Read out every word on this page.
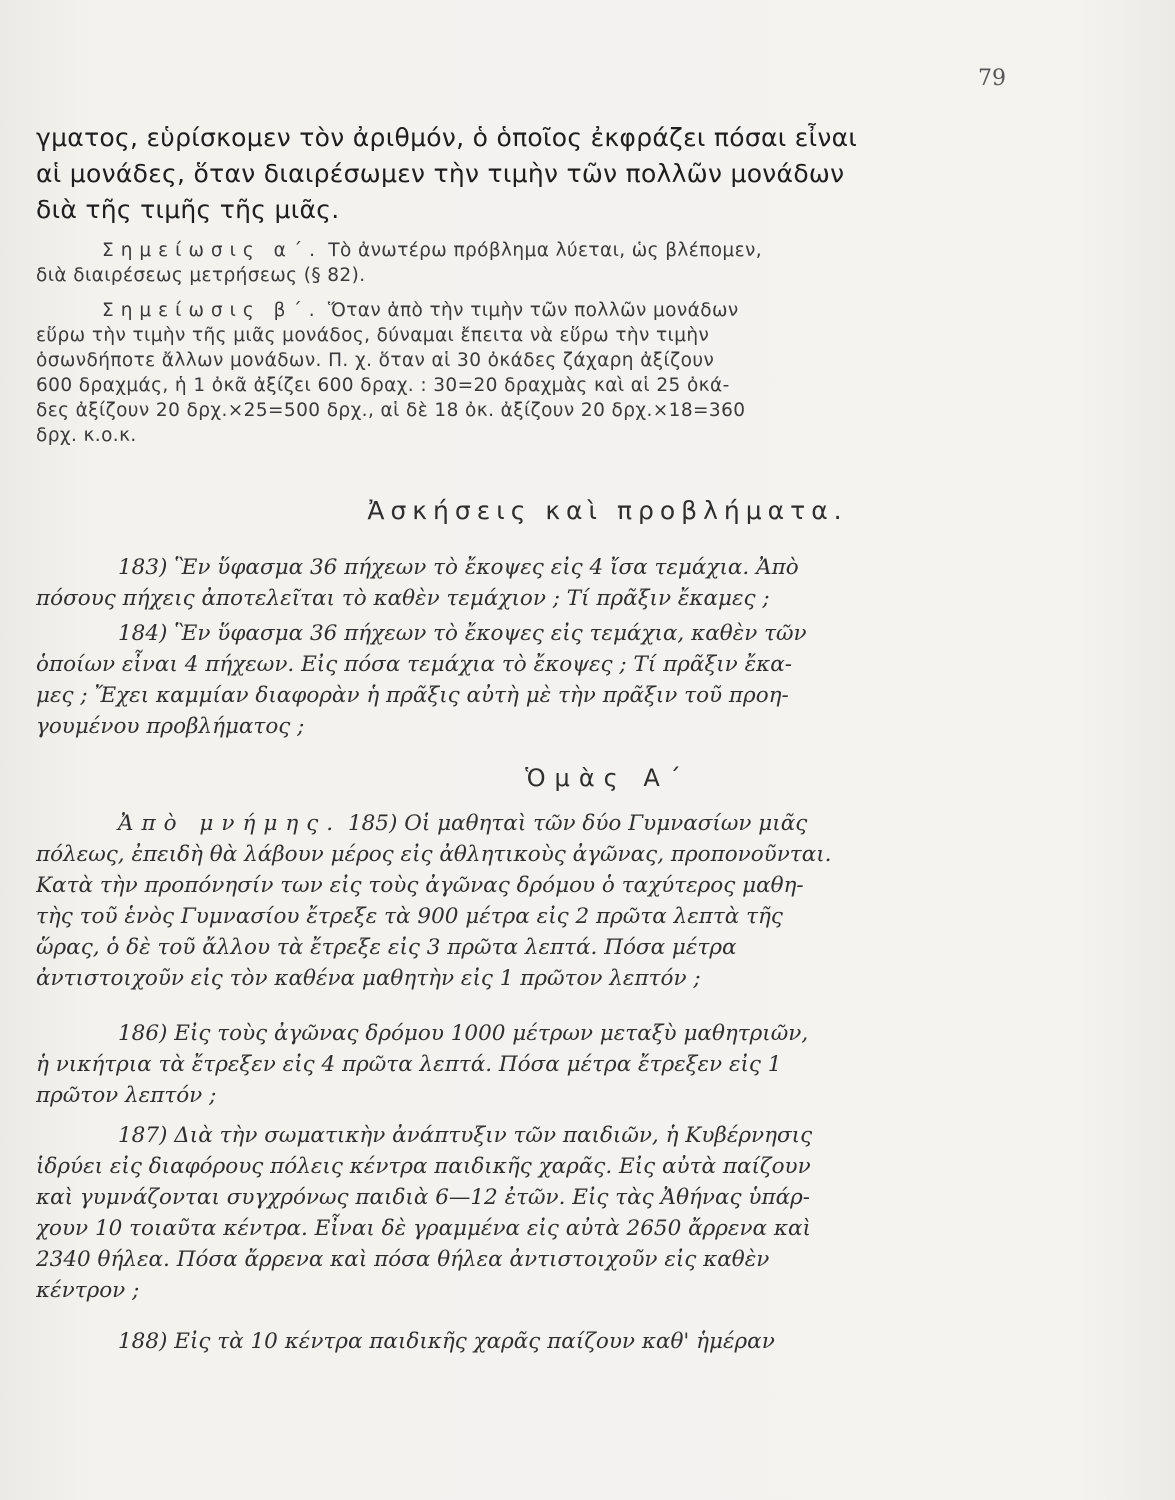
79
γματος, εὑρίσκομεν τὸν ἀριθμόν, ὁ ὁποῖος ἐκφράζει πόσαι εἶναι
αἱ μονάδες, ὅταν διαιρέσωμεν τὴν τιμὴν τῶν πολλῶν μονάδων
διὰ τῆς τιμῆς τῆς μιᾶς.
Σημείωσις α΄. Τὸ ἀνωτέρω πρόβλημα λύεται, ὡς βλέπομεν,
διὰ διαιρέσεως μετρήσεως (§ 82).
Σημείωσις β΄. Ὅταν ἀπὸ τὴν τιμὴν τῶν πολλῶν μονάδων
εὕρω τὴν τιμὴν τῆς μιᾶς μονάδος, δύναμαι ἔπειτα νὰ εὕρω τὴν τιμὴν
ὁσωνδήποτε ἄλλων μονάδων. Π. χ. ὅταν αἱ 30 ὀκάδες ζάχαρη ἀξίζουν
600 δραχμάς, ἡ 1 ὀκᾶ ἀξίζει 600 δραχ. : 30=20 δραχμὰς καὶ αἱ 25 ὀκά-
δες ἀξίζουν 20 δρχ.×25=500 δρχ., αἱ δὲ 18 ὀκ. ἀξίζουν 20 δρχ.×18=360
δρχ. κ.ο.κ.
Ἀσκήσεις καὶ προβλήματα.
183) Ἓν ὕφασμα 36 πήχεων τὸ ἔκοψες εἰς 4 ἴσα τεμάχια. Ἀπὸ
πόσους πήχεις ἀποτελεῖται τὸ καθὲν τεμάχιον ; Τί πρᾶξιν ἔκαμες ;
184) Ἓν ὕφασμα 36 πήχεων τὸ ἔκοψες εἰς τεμάχια, καθὲν τῶν
ὁποίων εἶναι 4 πήχεων. Εἰς πόσα τεμάχια τὸ ἔκοψες ; Τί πρᾶξιν ἔκα-
μες ; Ἔχει καμμίαν διαφορὰν ἡ πρᾶξις αὐτὴ μὲ τὴν πρᾶξιν τοῦ προη-
γουμένου προβλήματος ;
Ὁμὰς Α΄
Ἀπὸ μνήμης. 185) Οἱ μαθηταὶ τῶν δύο Γυμνασίων μιᾶς
πόλεως, ἐπειδὴ θὰ λάβουν μέρος εἰς ἀθλητικοὺς ἀγῶνας, προπονοῦνται.
Κατὰ τὴν προπόνησίν των εἰς τοὺς ἀγῶνας δρόμου ὁ ταχύτερος μαθη-
τὴς τοῦ ἑνὸς Γυμνασίου ἔτρεξε τὰ 900 μέτρα εἰς 2 πρῶτα λεπτὰ τῆς
ὥρας, ὁ δὲ τοῦ ἄλλου τὰ ἔτρεξε εἰς 3 πρῶτα λεπτά. Πόσα μέτρα
ἀντιστοιχοῦν εἰς τὸν καθένα μαθητὴν εἰς 1 πρῶτον λεπτόν ;
186) Εἰς τοὺς ἀγῶνας δρόμου 1000 μέτρων μεταξὺ μαθητριῶν,
ἡ νικήτρια τὰ ἔτρεξεν εἰς 4 πρῶτα λεπτά. Πόσα μέτρα ἔτρεξεν εἰς 1
πρῶτον λεπτόν ;
187) Διὰ τὴν σωματικὴν ἀνάπτυξιν τῶν παιδιῶν, ἡ Κυβέρνησις
ἱδρύει εἰς διαφόρους πόλεις κέντρα παιδικῆς χαρᾶς. Εἰς αὐτὰ παίζουν
καὶ γυμνάζονται συγχρόνως παιδιὰ 6—12 ἐτῶν. Εἰς τὰς Ἀθήνας ὑπάρ-
χουν 10 τοιαῦτα κέντρα. Εἶναι δὲ γραμμένα εἰς αὐτὰ 2650 ἄρρενα καὶ
2340 θήλεα. Πόσα ἄρρενα καὶ πόσα θήλεα ἀντιστοιχοῦν εἰς καθὲν
κέντρον ;
188) Εἰς τὰ 10 κέντρα παιδικῆς χαρᾶς παίζουν καθ' ἡμέραν
